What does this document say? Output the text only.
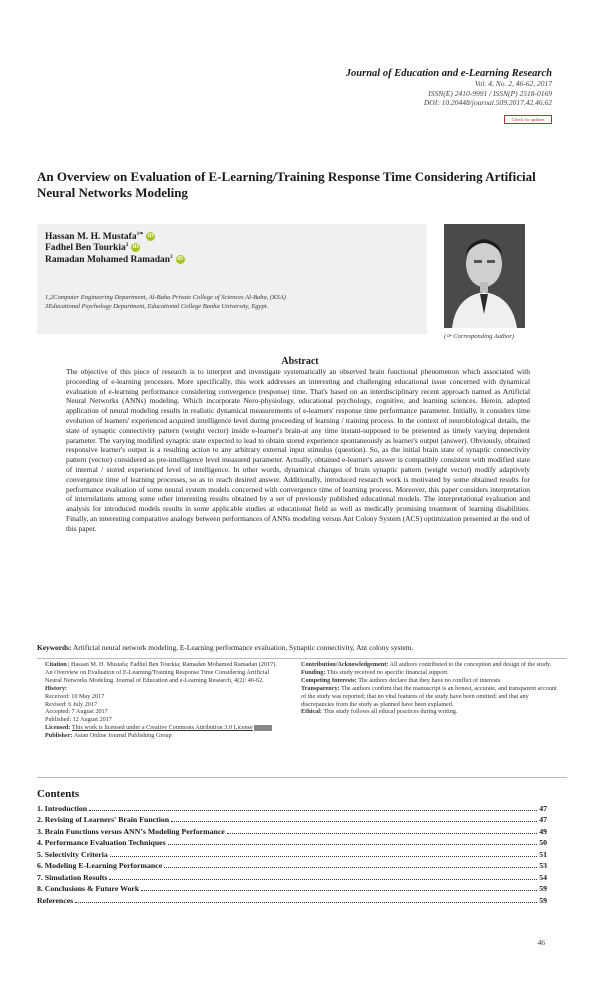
Journal of Education and e-Learning Research
Vol. 4, No. 2, 46-62, 2017
ISSN(E) 2410-9991 / ISSN(P) 2518-0169
DOI: 10.20448/journal.509.2017.42.46.62
Check for updates
An Overview on Evaluation of E-Learning/Training Response Time Considering Artificial Neural Networks Modeling
Hassan M. H. Mustafa$^{1✑}$ iD
Fadhel Ben Tourkia$^2$ iD
Ramadan Mohamed Ramadan$^3$ iD
1,2Computer Engineering Department, Al-Baha Private College of Sciences Al-Baha, (KSA)
3Educational Psychology Department, Educational College Banha University, Egypt.
(✑ Corresponding Author)
Abstract
The objective of this piece of research is to interpret and investigate systematically an observed brain functional phenomenon which associated with proceeding of e-learning processes. More specifically, this work addresses an interesting and challenging educational issue concerned with dynamical evaluation of e-learning performance considering convergence (response) time. That's based on an interdisciplinary recent approach named as Artificial Neural Networks (ANNs) modeling. Which incorporate Nero-physiology, educational psychology, cognitive, and learning sciences. Herein, adopted application of neural modeling results in realistic dynamical measurements of e-learners' response time performance parameter. Initially, it considers time evolution of learners' experienced acquired intelligence level during proceeding of learning / training process. In the context of neurobiological details, the state of synaptic connectivity pattern (weight vector) inside e-learner's brain-at any time instant-supposed to be presented as timely varying dependent parameter. The varying modified synaptic state expected to lead to obtain stored experience spontaneously as learner's output (answer). Obviously, obtained responsive learner's output is a resulting action to any arbitrary external input stimulus (question). So, as the initial brain state of synaptic connectivity pattern (vector) considered as pre-intelligence level measured parameter. Actually, obtained e-learner's answer is compatibly consistent with modified state of internal / stored experienced level of intelligence. In other words, dynamical changes of brain synaptic pattern (weight vector) modify adaptively convergence time of learning processes, so as to reach desired answer. Additionally, introduced research work is motivated by some obtained results for performance evaluation of some neural system models concerned with convergence time of learning process. Moreover, this paper considers interpretation of interrelations among some other interesting results obtained by a set of previously published educational models. The interpretational evaluation and analysis for introduced models results in some applicable studies at educational field as well as medically promising treatment of learning disabilities. Finally, an interesting comparative analogy between performances of ANNs modeling versus Ant Colony System (ACS) optimization presented at the end of this paper.
Keywords: Artificial neural network modeling, E-Learning performance evaluation, Synaptic connectivity, Ant colony system.
Citation | Hassan M. H. Mustafa; Fadhel Ben Tourkia; Ramadan Mohamed Ramadan (2017). An Overview on Evaluation of E-Learning/Training Response Time Considering Artificial Neural Networks Modeling. Journal of Education and e-Learning Research, 4(2): 46-62.
History:
Received: 10 May 2017
Revised: 6 July 2017
Accepted: 7 August 2017
Published: 12 August 2017
Licensed: This work is licensed under a Creative Commons Attribution 3.0 License
Publisher: Asian Online Journal Publishing Group
Contribution/Acknowledgement: All authors contributed to the conception and design of the study.
Funding: This study received no specific financial support.
Competing Interests: The authors declare that they have no conflict of interests.
Transparency: The authors confirm that the manuscript is an honest, accurate, and transparent account of the study was reported; that no vital features of the study have been omitted; and that any discrepancies from the study as planned have been explained.
Ethical: This study follows all ethical practices during writing.
Contents
1. Introduction	47
2. Revising of Learners' Brain Function	47
3. Brain Functions versus ANNʼs Modeling Performance	49
4. Performance Evaluation Techniques	50
5. Selectivity Criteria	51
6. Modeling E-Learning Performance	53
7. Simulation Results	54
8. Conclusions & Future Work	59
References	59
46
